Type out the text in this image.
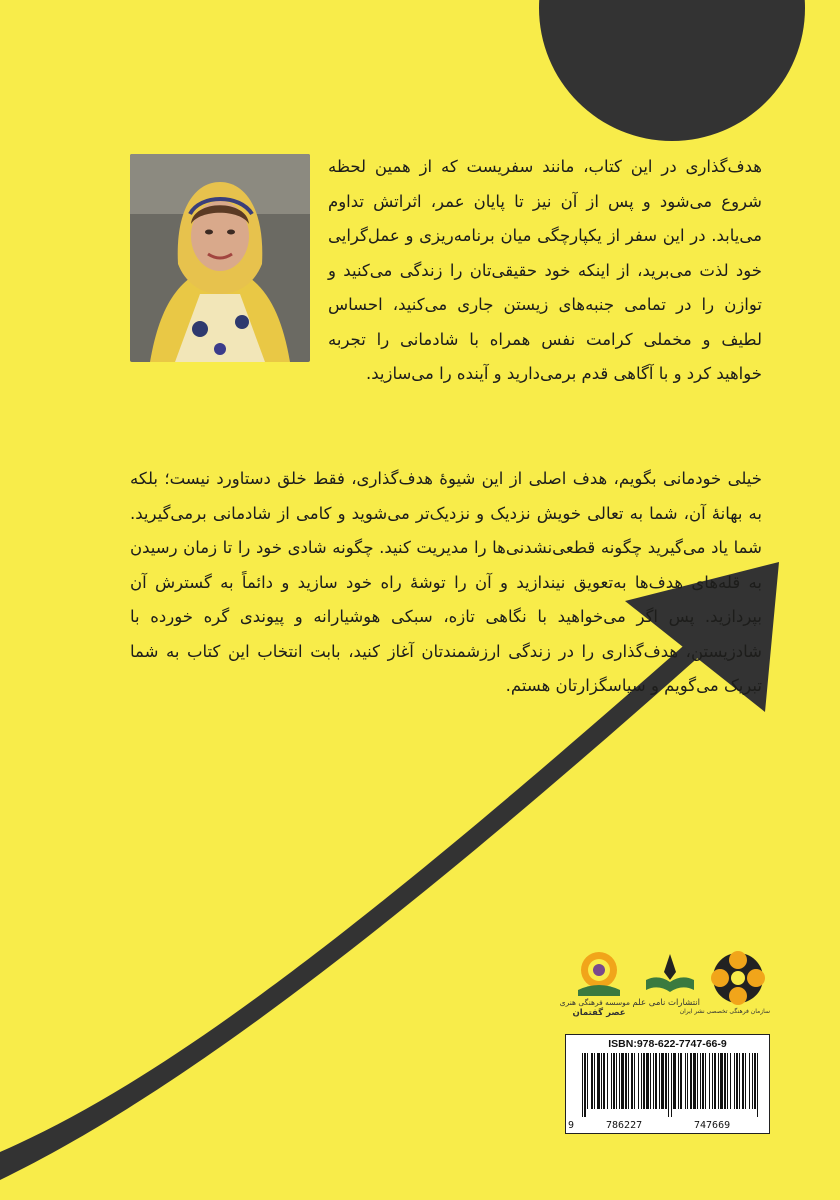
هدف‌گذاری در این کتاب، مانند سفریست که از همین لحظه شروع می‌شود و پس از آن نیز تا پایان عمر، اثراتش تداوم می‌یابد. در این سفر از یکپارچگی میان برنامه‌ریزی و عمل‌گرایی خود لذت می‌برید، از اینکه خود حقیقی‌تان را زندگی می‌کنید و توازن را در تمامی جنبه‌های زیستن جاری می‌کنید، احساس لطیف و مخملی کرامت نفس همراه با شادمانی را تجربه خواهید کرد و با آگاهی قدم برمی‌دارید و آینده را می‌سازید.

خیلی خودمانی بگویم، هدف اصلی از این شیوهٔ هدف‌گذاری، فقط خلق دستاورد نیست؛ بلکه به بهانهٔ آن، شما به تعالی خویش نزدیک و نزدیک‌تر می‌شوید و کامی از شادمانی برمی‌گیرید. شما یاد می‌گیرید چگونه قطعی‌نشدنی‌ها را مدیریت کنید. چگونه شادی خود را تا زمان رسیدن به قله‌های هدف‌ها به‌تعویق نیندازید و آن را توشهٔ راه خود سازید و دائماً به گسترش آن بپردازید. پس اگر می‌خواهید با نگاهی تازه، سبکی هوشیارانه و پیوندی گره خورده با شادزیستن، هدف‌گذاری را در زندگی ارزشمندتان آغاز کنید، بابت انتخاب این کتاب به شما تبریک می‌گویم و سپاسگزارتان هستم.

موسسه فرهنگی هنری
عصر گفتمان
انتشارات نامی علم
سازمان فرهنگی تخصصی نشر ایران
ISBN:978-622-7747-66-9
9	786227	747669
